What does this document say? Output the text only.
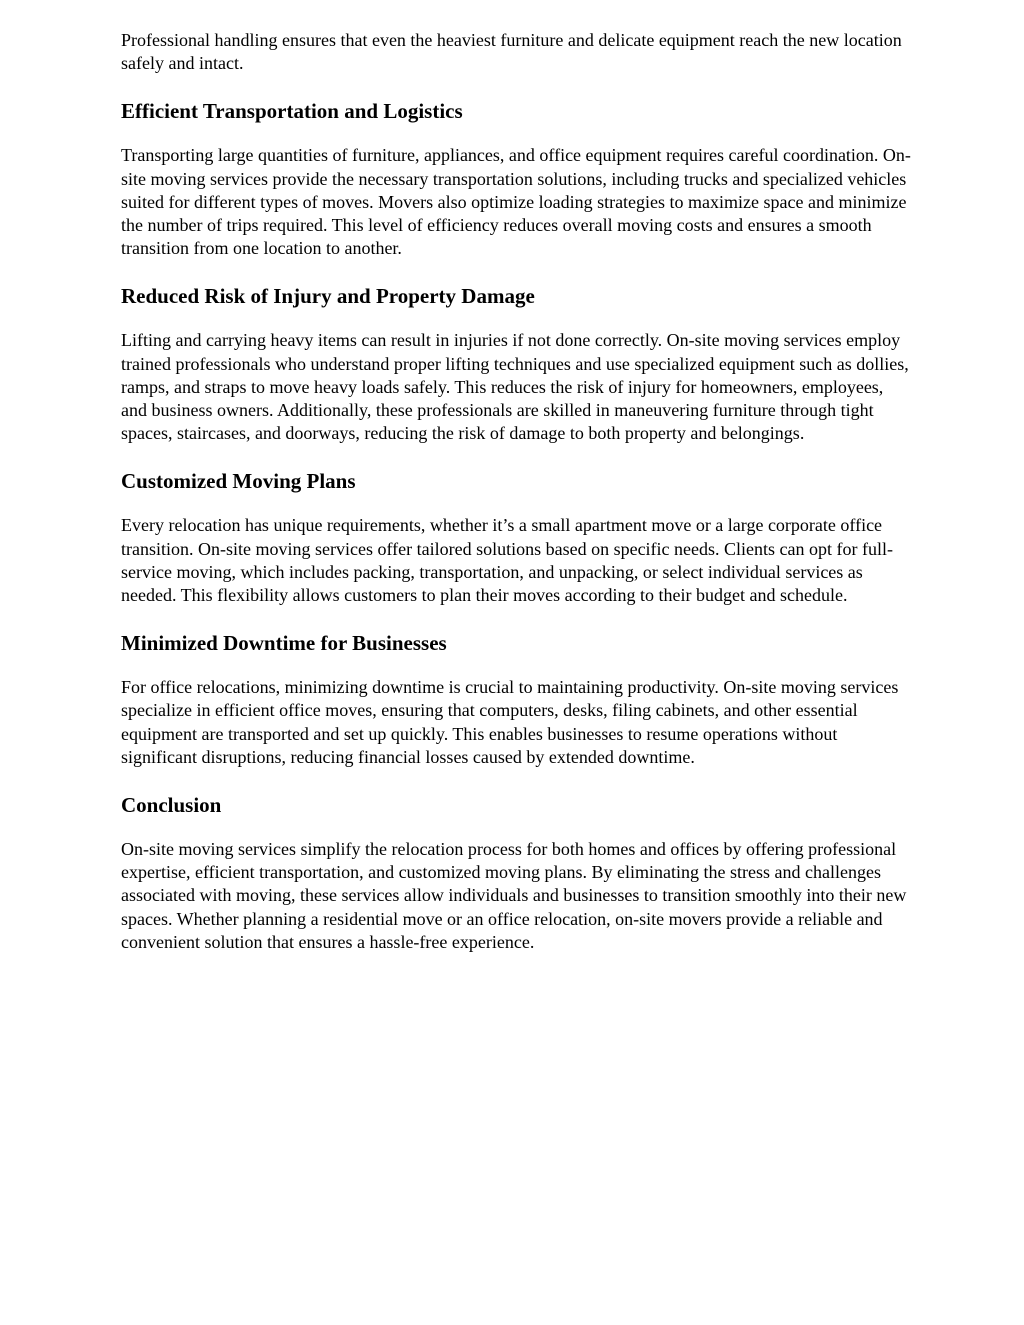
Professional handling ensures that even the heaviest furniture and delicate equipment reach the new location safely and intact.

Efficient Transportation and Logistics

Transporting large quantities of furniture, appliances, and office equipment requires careful coordination. On-site moving services provide the necessary transportation solutions, including trucks and specialized vehicles suited for different types of moves. Movers also optimize loading strategies to maximize space and minimize the number of trips required. This level of efficiency reduces overall moving costs and ensures a smooth transition from one location to another.

Reduced Risk of Injury and Property Damage

Lifting and carrying heavy items can result in injuries if not done correctly. On-site moving services employ trained professionals who understand proper lifting techniques and use specialized equipment such as dollies, ramps, and straps to move heavy loads safely. This reduces the risk of injury for homeowners, employees, and business owners. Additionally, these professionals are skilled in maneuvering furniture through tight spaces, staircases, and doorways, reducing the risk of damage to both property and belongings.

Customized Moving Plans

Every relocation has unique requirements, whether it’s a small apartment move or a large corporate office transition. On-site moving services offer tailored solutions based on specific needs. Clients can opt for full-service moving, which includes packing, transportation, and unpacking, or select individual services as needed. This flexibility allows customers to plan their moves according to their budget and schedule.

Minimized Downtime for Businesses

For office relocations, minimizing downtime is crucial to maintaining productivity. On-site moving services specialize in efficient office moves, ensuring that computers, desks, filing cabinets, and other essential equipment are transported and set up quickly. This enables businesses to resume operations without significant disruptions, reducing financial losses caused by extended downtime.

Conclusion

On-site moving services simplify the relocation process for both homes and offices by offering professional expertise, efficient transportation, and customized moving plans. By eliminating the stress and challenges associated with moving, these services allow individuals and businesses to transition smoothly into their new spaces. Whether planning a residential move or an office relocation, on-site movers provide a reliable and convenient solution that ensures a hassle-free experience.
